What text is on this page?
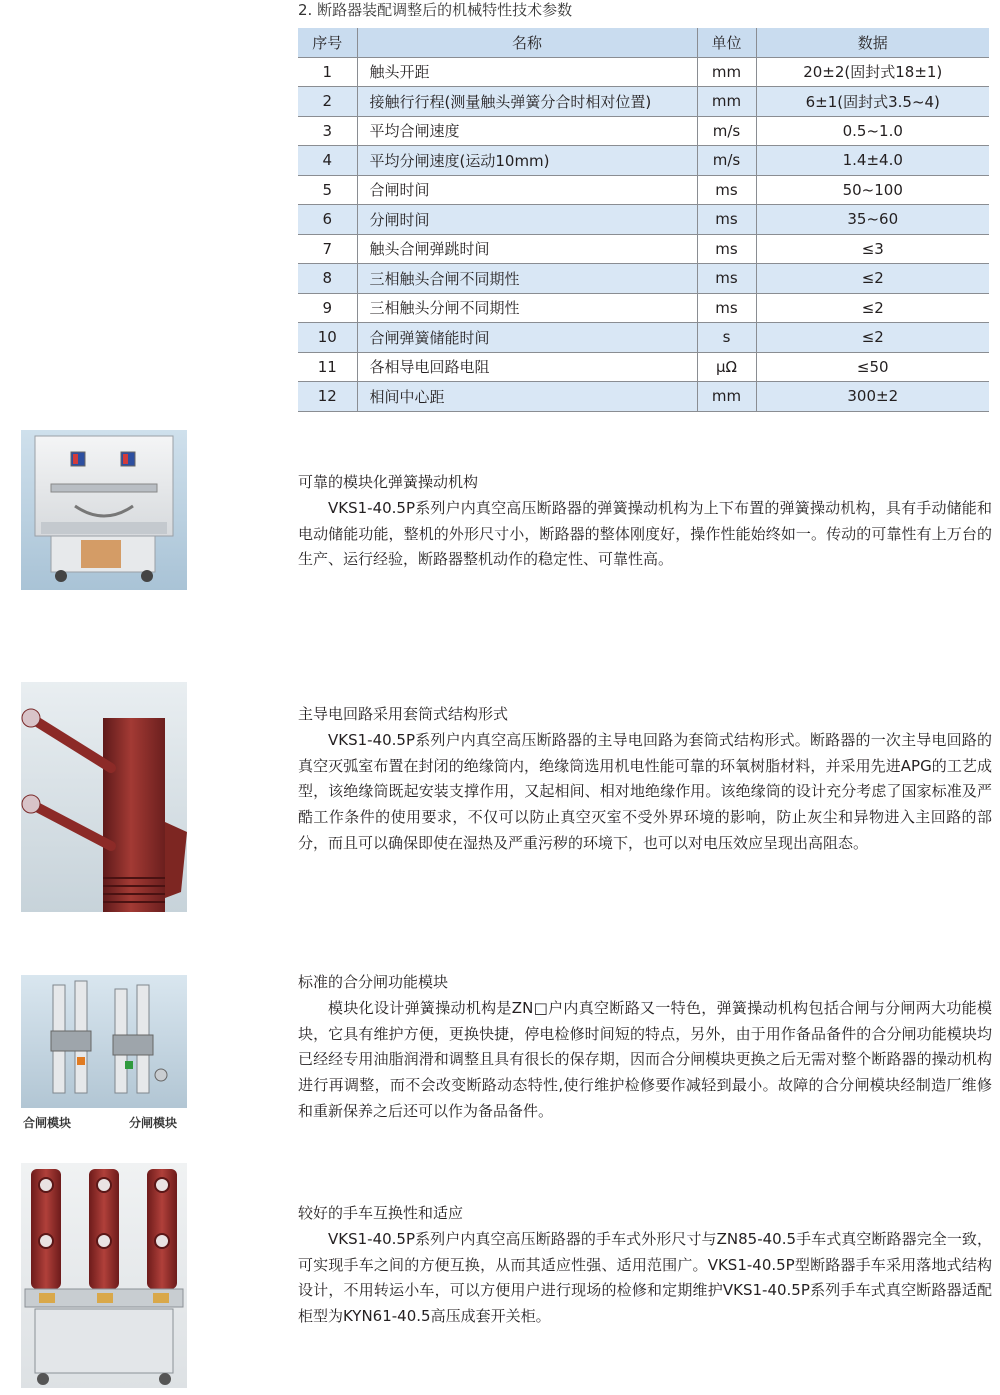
2. 断路器装配调整后的机械特性技术参数
序号	名称	单位	数据
1	触头开距	mm	20±2(固封式18±1)
2	接触行行程(测量触头弹簧分合时相对位置)	mm	6±1(固封式3.5~4)
3	平均合闸速度	m/s	0.5~1.0
4	平均分闸速度(运动10mm)	m/s	1.4±4.0
5	合闸时间	ms	50~100
6	分闸时间	ms	35~60
7	触头合闸弹跳时间	ms	≤3
8	三相触头合闸不同期性	ms	≤2
9	三相触头分闸不同期性	ms	≤2
10	合闸弹簧储能时间	s	≤2
11	各相导电回路电阻	μΩ	≤50
12	相间中心距	mm	300±2
可靠的模块化弹簧操动机构

VKS1-40.5P系列户内真空高压断路器的弹簧操动机构为上下布置的弹簧操动机构，具有手动储能和电动储能功能，整机的外形尺寸小，断路器的整体刚度好，操作性能始终如一。传动的可靠性有上万台的生产、运行经验，断路器整机动作的稳定性、可靠性高。

主导电回路采用套筒式结构形式

VKS1-40.5P系列户内真空高压断路器的主导电回路为套筒式结构形式。断路器的一次主导电回路的真空灭弧室布置在封闭的绝缘筒内，绝缘筒选用机电性能可靠的环氧树脂材料，并采用先进APG的工艺成型，该绝缘筒既起安装支撑作用，又起相间、相对地绝缘作用。该绝缘筒的设计充分考虑了国家标准及严酷工作条件的使用要求，不仅可以防止真空灭室不受外界环境的影响，防止灰尘和异物进入主回路的部分，而且可以确保即使在湿热及严重污秽的环境下，也可以对电压效应呈现出高阻态。

合闸模块	分闸模块
标准的合分闸功能模块

模块化设计弹簧操动机构是ZN□户内真空断路又一特色，弹簧操动机构包括合闸与分闸两大功能模块，它具有维护方便，更换快捷，停电检修时间短的特点，另外，由于用作备品备件的合分闸功能模块均已经经专用油脂润滑和调整且具有很长的保存期，因而合分闸模块更换之后无需对整个断路器的操动机构进行再调整，而不会改变断路动态特性,使行维护检修要作减轻到最小。故障的合分闸模块经制造厂维修和重新保养之后还可以作为备品备件。

较好的手车互换性和适应

VKS1-40.5P系列户内真空高压断路器的手车式外形尺寸与ZN85-40.5手车式真空断路器完全一致，可实现手车之间的方便互换，从而其适应性强、适用范围广。VKS1-40.5P型断路器手车采用落地式结构设计，不用转运小车，可以方便用户进行现场的检修和定期维护VKS1-40.5P系列手车式真空断路器适配柜型为KYN61-40.5高压成套开关柜。
